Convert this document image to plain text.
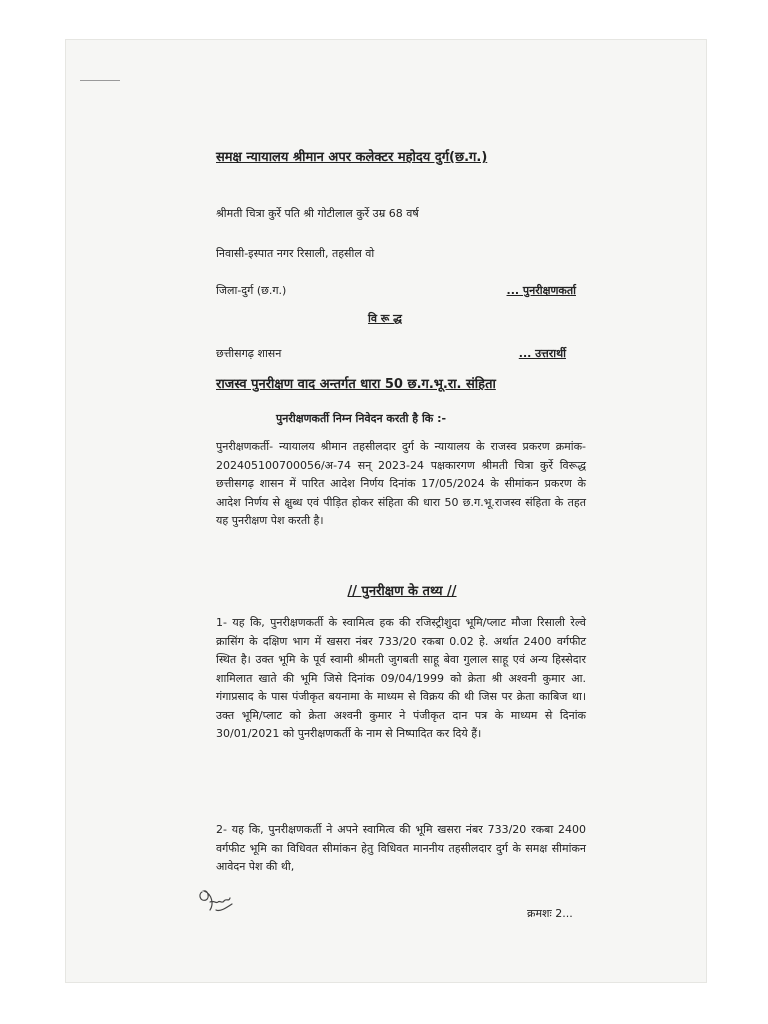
समक्ष न्यायालय श्रीमान अपर कलेक्टर महोदय दुर्ग(छ.ग.)
श्रीमती चित्रा कुर्रे पति श्री गोटीलाल कुर्रे उम्र 68 वर्ष
निवासी-इस्पात नगर रिसाली, तहसील वो
जिला-दुर्ग (छ.ग.)	... पुनरीक्षणकर्ता
वि रू द्ध
छत्तीसगढ़ शासन	... उत्तरार्थी
राजस्व पुनरीक्षण वाद अन्तर्गत धारा 50 छ.ग.भू.रा. संहिता
पुनरीक्षणकर्ती निम्न निवेदन करती है कि :-
पुनरीक्षणकर्ती- न्यायालय श्रीमान तहसीलदार दुर्ग के न्यायालय के राजस्व प्रकरण क्रमांक- 202405100700056/अ-74 सन् 2023-24 पक्षकारगण श्रीमती चित्रा कुर्रे विरूद्ध छत्तीसगढ़ शासन में पारित आदेश निर्णय दिनांक 17/05/2024 के सीमांकन प्रकरण के आदेश निर्णय से क्षुब्ध एवं पीड़ित होकर संहिता की धारा 50 छ.ग.भू.राजस्व संहिता के तहत यह पुनरीक्षण पेश करती है।
// पुनरीक्षण के तथ्य //
1- यह कि, पुनरीक्षणकर्ती के स्वामित्व हक की रजिस्ट्रीशुदा भूमि/प्लाट मौजा रिसाली रेल्वे क्रासिंग के दक्षिण भाग में खसरा नंबर 733/20 रकबा 0.02 हे. अर्थात 2400 वर्गफीट स्थित है। उक्त भूमि के पूर्व स्वामी श्रीमती जुगबती साहू बेवा गुलाल साहू एवं अन्य हिस्सेदार शामिलात खाते की भूमि जिसे दिनांक 09/04/1999 को क्रेता श्री अश्वनी कुमार आ. गंगाप्रसाद के पास पंजीकृत बयनामा के माध्यम से विक्रय की थी जिस पर क्रेता काबिज था। उक्त भूमि/प्लाट को क्रेता अश्वनी कुमार ने पंजीकृत दान पत्र के माध्यम से दिनांक 30/01/2021 को पुनरीक्षणकर्ती के नाम से निष्पादित कर दिये हैं।
2- यह कि, पुनरीक्षणकर्ती ने अपने स्वामित्व की भूमि खसरा नंबर 733/20 रकबा 2400 वर्गफीट भूमि का विधिवत सीमांकन हेतु विधिवत माननीय तहसीलदार दुर्ग के समक्ष सीमांकन आवेदन पेश की थी,
क्रमशः 2...
